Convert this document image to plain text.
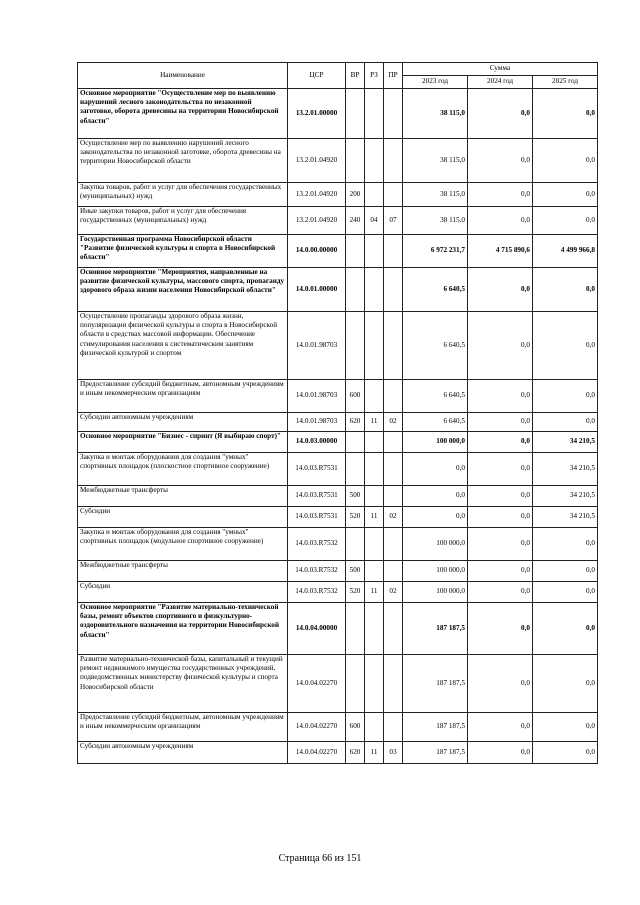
Наименование	ЦСР	ВР	РЗ	ПР	Сумма		
					2023 год	2024 год	2025 год
Основное мероприятие "Осуществление мер по выявлению нарушений лесного законодательства по незаконной заготовке, оборота древесины на территории Новосибирской области"	13.2.01.00000				38 115,0	0,0	0,0
Осуществление мер по выявлению нарушений лесного законодательства по незаконной заготовке, оборота древесины на территории Новосибирской области	13.2.01.04920				38 115,0	0,0	0,0
Закупка товаров, работ и услуг для обеспечения государственных (муниципальных) нужд	13.2.01.04920	200			38 115,0	0,0	0,0
Иные закупки товаров, работ и услуг для обеспечения государственных (муниципальных) нужд	13.2.01.04920	240	04	07	38 115,0	0,0	0,0
Государственная программа Новосибирской области "Развитие физической культуры и спорта в Новосибирской области"	14.0.00.00000				6 972 231,7	4 715 890,6	4 499 966,8
Основное мероприятие "Мероприятия, направленные на развитие физической культуры, массового спорта, пропаганду здорового образа жизни населения Новосибирской области"	14.0.01.00000				6 640,5	0,0	0,0
Осуществление пропаганды здорового образа жизни, популяризации физической культуры и спорта в Новосибирской области в средствах массовой информации. Обеспечение стимулирования населения к систематическим занятиям физической культурой и спортом	14.0.01.98703				6 640,5	0,0	0,0
Предоставление субсидий бюджетным, автономным учреждениям и иным некоммерческим организациям	14.0.01.98703	600			6 640,5	0,0	0,0
Субсидии автономным учреждениям	14.0.01.98703	620	11	02	6 640,5	0,0	0,0
Основное мероприятие "Бизнес - спринт (Я выбираю спорт)"	14.0.03.00000				100 000,0	0,0	34 210,5
Закупка и монтаж оборудования для создания "умных" спортивных площадок (плоскостное спортивное сооружение)	14.0.03.R7531				0,0	0,0	34 210,5
Межбюджетные трансферты	14.0.03.R7531	500			0,0	0,0	34 210,5
Субсидии	14.0.03.R7531	520	11	02	0,0	0,0	34 210,5
Закупка и монтаж оборудования для создания "умных" спортивных площадок (модульное спортивное сооружение)	14.0.03.R7532				100 000,0	0,0	0,0
Межбюджетные трансферты	14.0.03.R7532	500			100 000,0	0,0	0,0
Субсидии	14.0.03.R7532	520	11	02	100 000,0	0,0	0,0
Основное мероприятие "Развитие материально-технической базы, ремонт объектов спортивного и физкультурно-оздоровительного назначения на территории Новосибирской области"	14.0.04.00000				187 187,5	0,0	0,0
Развитие материально-технической базы, капитальный и текущий ремонт недвижимого имущества государственных учреждений, подведомственных министерству физической культуры и спорта Новосибирской области	14.0.04.02270				187 187,5	0,0	0,0
Предоставление субсидий бюджетным, автономным учреждениям и иным некоммерческим организациям	14.0.04.02270	600			187 187,5	0,0	0,0
Субсидии автономным учреждениям	14.0.04.02270	620	11	03	187 187,5	0,0	0,0
Страница 66 из 151
